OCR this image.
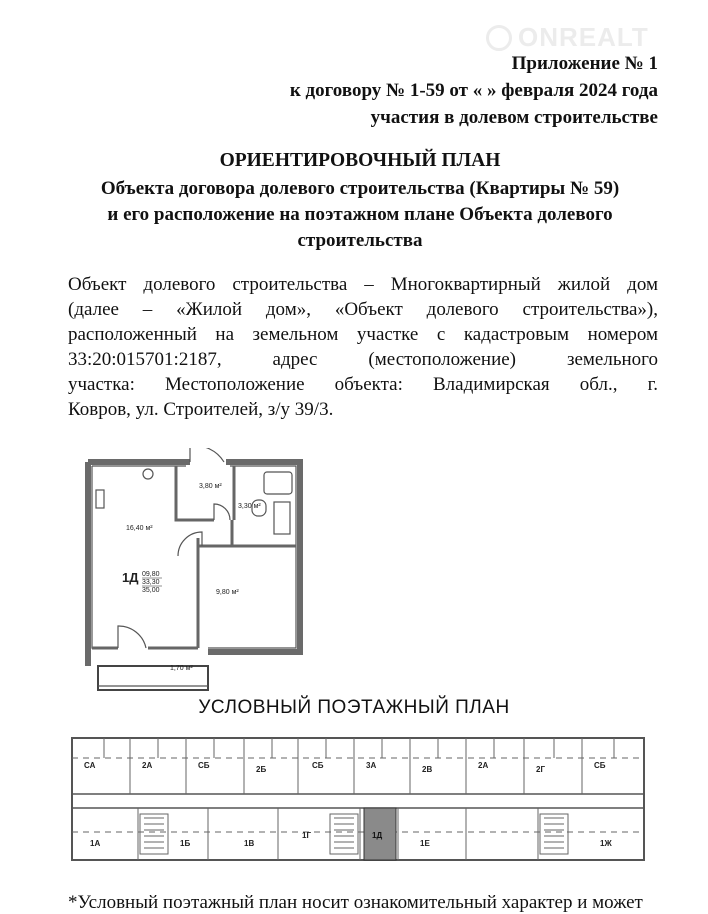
ONREALT
Приложение № 1
к договору № 1-59 от « » февраля 2024 года
участия в долевом строительстве
ОРИЕНТИРОВОЧНЫЙ ПЛАН
Объекта договора долевого строительства (Квартиры № 59)
и его расположение на поэтажном плане Объекта долевого
строительства
Объект долевого строительства – Многоквартирный жилой дом
(далее – «Жилой дом», «Объект долевого строительства»),
расположенный на земельном участке с кадастровым номером
33:20:015701:2187, адрес (местоположение) земельного
участка: Местоположение объекта: Владимирская обл., г.
Ковров, ул. Строителей, з/у 39/3.
3,80 м²
3,30 м²
16,40 м²
9,80 м²
1,70 м²
1Д 09,80
33,30
35,00
УСЛОВНЫЙ ПОЭТАЖНЫЙ ПЛАН
СА	2А	СБ	2Б	СБ	3А	2В	2А	2Г	СБ
1А	1Б	1В
1Г	1Д
1Е	1Ж
*Условный поэтажный план носит ознакомительный характер и может
